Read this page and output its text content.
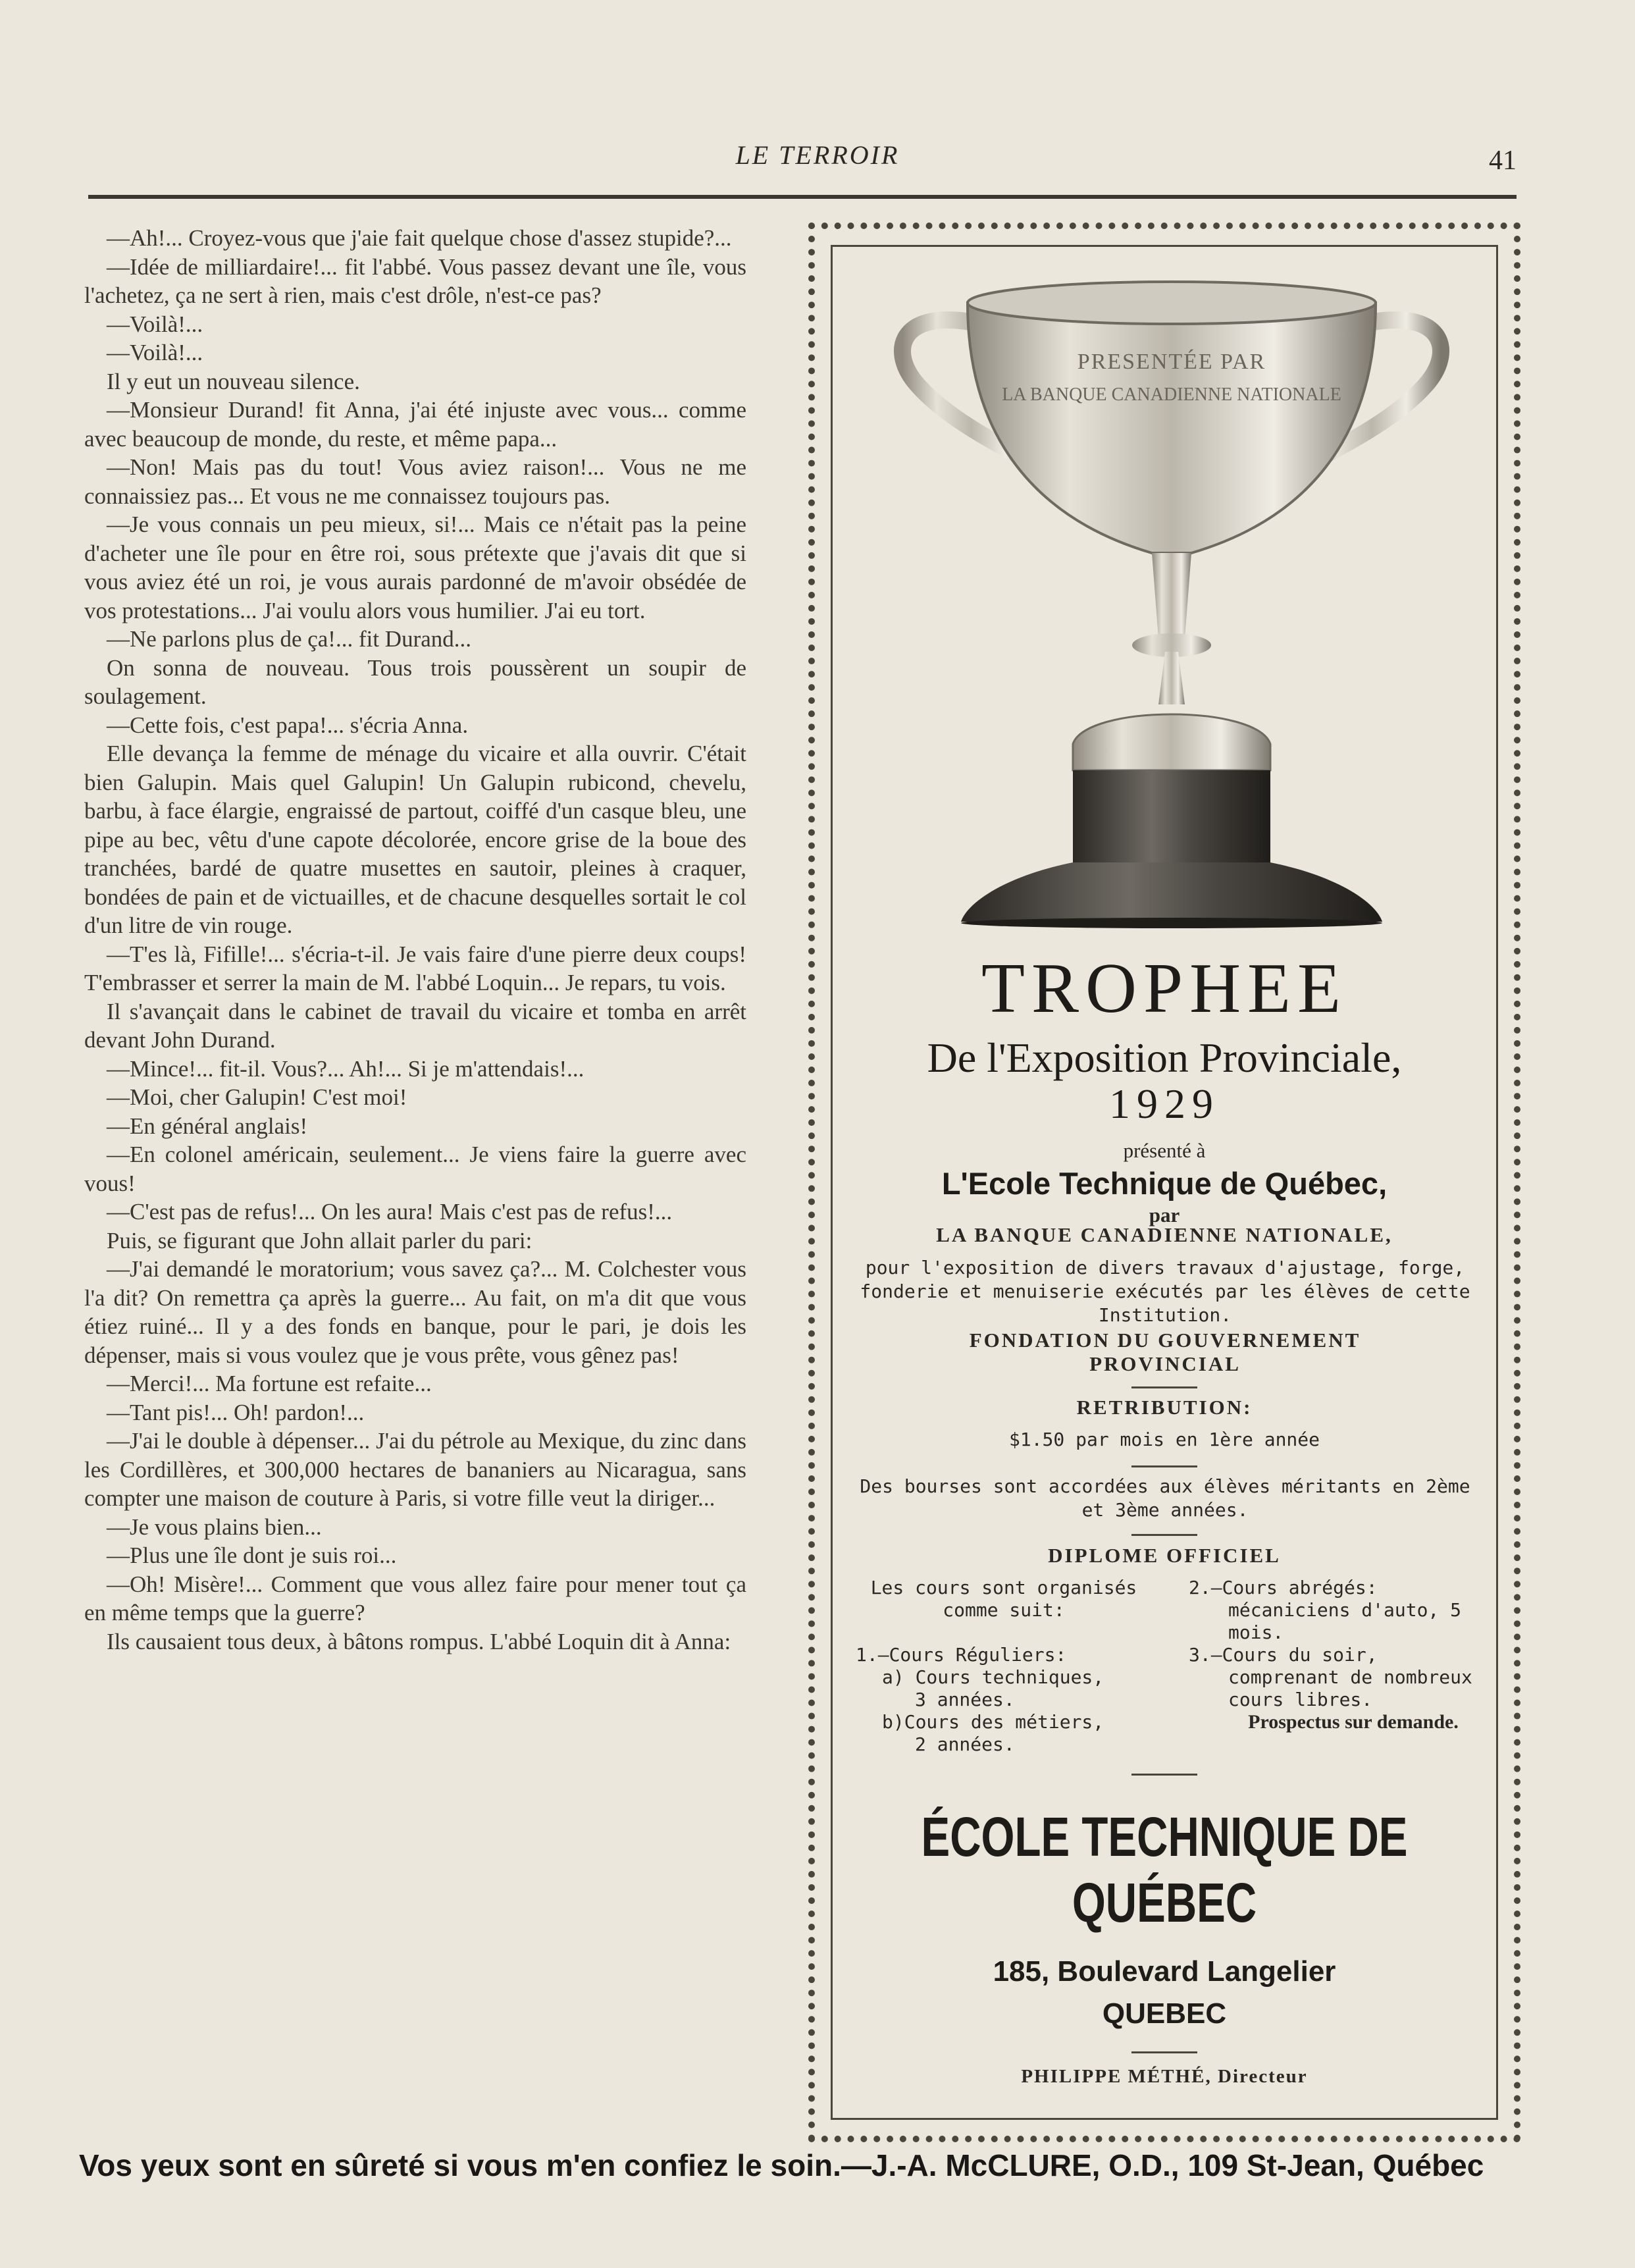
LE TERROIR	41

—Ah!... Croyez-vous que j'aie fait quelque chose d'assez stupide?...

—Idée de milliardaire!... fit l'abbé. Vous passez devant une île, vous l'achetez, ça ne sert à rien, mais c'est drôle, n'est-ce pas?

—Voilà!...

—Voilà!...

Il y eut un nouveau silence.

—Monsieur Durand! fit Anna, j'ai été injuste avec vous... comme avec beaucoup de monde, du reste, et même papa...

—Non! Mais pas du tout! Vous aviez raison!... Vous ne me connaissiez pas... Et vous ne me connaissez toujours pas.

—Je vous connais un peu mieux, si!... Mais ce n'était pas la peine d'acheter une île pour en être roi, sous prétexte que j'avais dit que si vous aviez été un roi, je vous aurais pardonné de m'avoir obsédée de vos protestations... J'ai voulu alors vous humilier. J'ai eu tort.

—Ne parlons plus de ça!... fit Durand...

On sonna de nouveau. Tous trois poussèrent un soupir de soulagement.

—Cette fois, c'est papa!... s'écria Anna.

Elle devança la femme de ménage du vicaire et alla ouvrir. C'était bien Galupin. Mais quel Galupin! Un Galupin rubicond, chevelu, barbu, à face élargie, engraissé de partout, coiffé d'un casque bleu, une pipe au bec, vêtu d'une capote décolorée, encore grise de la boue des tranchées, bardé de quatre musettes en sautoir, pleines à craquer, bondées de pain et de victuailles, et de chacune desquelles sortait le col d'un litre de vin rouge.

—T'es là, Fifille!... s'écria-t-il. Je vais faire d'une pierre deux coups! T'embrasser et serrer la main de M. l'abbé Loquin... Je repars, tu vois.

Il s'avançait dans le cabinet de travail du vicaire et tomba en arrêt devant John Durand.

—Mince!... fit-il. Vous?... Ah!... Si je m'attendais!...

—Moi, cher Galupin! C'est moi!

—En général anglais!

—En colonel américain, seulement... Je viens faire la guerre avec vous!

—C'est pas de refus!... On les aura! Mais c'est pas de refus!...

Puis, se figurant que John allait parler du pari:

—J'ai demandé le moratorium; vous savez ça?... M. Colchester vous l'a dit? On remettra ça après la guerre... Au fait, on m'a dit que vous étiez ruiné... Il y a des fonds en banque, pour le pari, je dois les dépenser, mais si vous voulez que je vous prête, vous gênez pas!

—Merci!... Ma fortune est refaite...

—Tant pis!... Oh! pardon!...

—J'ai le double à dépenser... J'ai du pétrole au Mexique, du zinc dans les Cordillères, et 300,000 hectares de bananiers au Nicaragua, sans compter une maison de couture à Paris, si votre fille veut la diriger...

—Je vous plains bien...

—Plus une île dont je suis roi...

—Oh! Misère!... Comment que vous allez faire pour mener tout ça en même temps que la guerre?

Ils causaient tous deux, à bâtons rompus. L'abbé Loquin dit à Anna:

PRESENTÉE PAR
LA BANQUE CANADIENNE NATIONALE
TROPHEE
De l'Exposition Provinciale,
1929
présenté à
L'Ecole Technique de Québec,
par
LA BANQUE CANADIENNE NATIONALE,
pour l'exposition de divers travaux d'ajustage, forge, fonderie et menuiserie exécutés par les élèves de cette Institution.
FONDATION DU GOUVERNEMENT PROVINCIAL
RETRIBUTION:
$1.50 par mois en 1ère année
Des bourses sont accordées aux élèves méritants en 2ème et 3ème années.
DIPLOME OFFICIEL

Les cours sont organisés comme suit:

1.—Cours Réguliers:

a) Cours techniques, 3 années.

b)Cours des métiers, 2 années.

2.—Cours abrégés: mécaniciens d'auto, 5 mois.

3.—Cours du soir, comprenant de nombreux cours libres.

Prospectus sur demande.

ÉCOLE TECHNIQUE DE
QUÉBEC
185, Boulevard Langelier
QUEBEC
PHILIPPE MÉTHÉ, Directeur
Vos yeux sont en sûreté si vous m'en confiez le soin.—J.-A. McCLURE, O.D., 109 St-Jean, Québec
